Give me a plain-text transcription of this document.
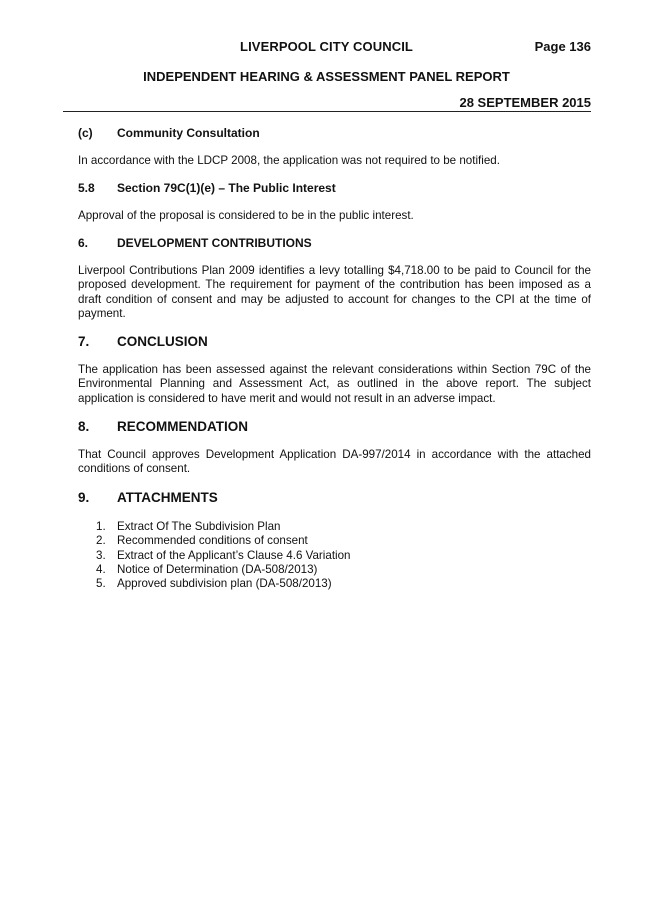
LIVERPOOL CITY COUNCIL	Page 136
INDEPENDENT HEARING & ASSESSMENT PANEL REPORT
28 SEPTEMBER 2015
(c) Community Consultation
In accordance with the LDCP 2008, the application was not required to be notified.
5.8 Section 79C(1)(e) – The Public Interest
Approval of the proposal is considered to be in the public interest.
6. DEVELOPMENT CONTRIBUTIONS
Liverpool Contributions Plan 2009 identifies a levy totalling $4,718.00 to be paid to Council for the proposed development. The requirement for payment of the contribution has been imposed as a draft condition of consent and may be adjusted to account for changes to the CPI at the time of payment.
7. CONCLUSION
The application has been assessed against the relevant considerations within Section 79C of the Environmental Planning and Assessment Act, as outlined in the above report. The subject application is considered to have merit and would not result in an adverse impact.
8. RECOMMENDATION
That Council approves Development Application DA-997/2014 in accordance with the attached conditions of consent.
9. ATTACHMENTS
1. Extract Of The Subdivision Plan
2. Recommended conditions of consent
3. Extract of the Applicant’s Clause 4.6 Variation
4. Notice of Determination (DA-508/2013)
5. Approved subdivision plan (DA-508/2013)
